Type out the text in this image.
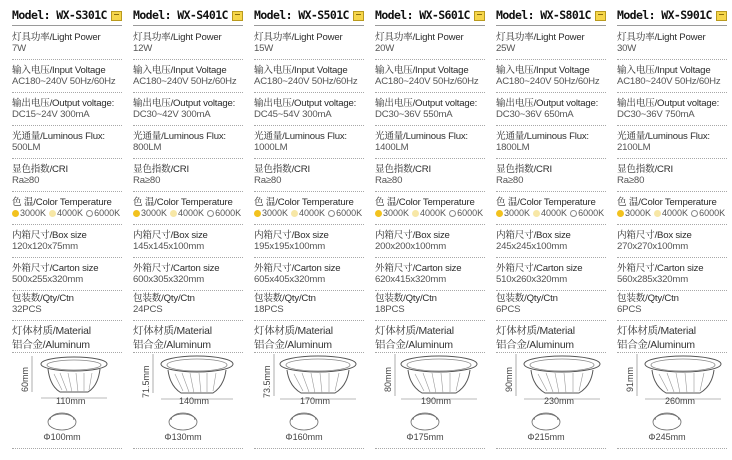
Model: WX-S301C
灯具功率/Light Power
7W
输入电压/Input Voltage
AC180~240V 50Hz/60Hz
输出电压/Output voltage:
DC15~24V 300mA
光通量/Luminous Flux:
500LM
显色指数/CRI
Ra≥80
色 温/Color Temperature
3000K 4000K 6000K
内箱尺寸/Box size
120x120x75mm
外箱尺寸/Carton size
500x255x320mm
包装数/Qty/Ctn
32PCS
灯体材质/Material
铝合金/Aluminum
60mm
110mm
Φ100mm
Model: WX-S401C
灯具功率/Light Power
12W
输入电压/Input Voltage
AC180~240V 50Hz/60Hz
输出电压/Output voltage:
DC30~42V 300mA
光通量/Luminous Flux:
800LM
显色指数/CRI
Ra≥80
色 温/Color Temperature
3000K 4000K 6000K
内箱尺寸/Box size
145x145x100mm
外箱尺寸/Carton size
600x305x320mm
包装数/Qty/Ctn
24PCS
灯体材质/Material
铝合金/Aluminum
71.5mm
140mm
Φ130mm
Model: WX-S501C
灯具功率/Light Power
15W
输入电压/Input Voltage
AC180~240V 50Hz/60Hz
输出电压/Output voltage:
DC45~54V 300mA
光通量/Luminous Flux:
1000LM
显色指数/CRI
Ra≥80
色 温/Color Temperature
3000K 4000K 6000K
内箱尺寸/Box size
195x195x100mm
外箱尺寸/Carton size
605x405x320mm
包装数/Qty/Ctn
18PCS
灯体材质/Material
铝合金/Aluminum
73.5mm
170mm
Φ160mm
Model: WX-S601C
灯具功率/Light Power
20W
输入电压/Input Voltage
AC180~240V 50Hz/60Hz
输出电压/Output voltage:
DC30~36V 550mA
光通量/Luminous Flux:
1400LM
显色指数/CRI
Ra≥80
色 温/Color Temperature
3000K 4000K 6000K
内箱尺寸/Box size
200x200x100mm
外箱尺寸/Carton size
620x415x320mm
包装数/Qty/Ctn
18PCS
灯体材质/Material
铝合金/Aluminum
80mm
190mm
Φ175mm
Model: WX-S801C
灯具功率/Light Power
25W
输入电压/Input Voltage
AC180~240V 50Hz/60Hz
输出电压/Output voltage:
DC30~36V 650mA
光通量/Luminous Flux:
1800LM
显色指数/CRI
Ra≥80
色 温/Color Temperature
3000K 4000K 6000K
内箱尺寸/Box size
245x245x100mm
外箱尺寸/Carton size
510x260x320mm
包装数/Qty/Ctn
6PCS
灯体材质/Material
铝合金/Aluminum
90mm
230mm
Φ215mm
Model: WX-S901C
灯具功率/Light Power
30W
输入电压/Input Voltage
AC180~240V 50Hz/60Hz
输出电压/Output voltage:
DC30~36V 750mA
光通量/Luminous Flux:
2100LM
显色指数/CRI
Ra≥80
色 温/Color Temperature
3000K 4000K 6000K
内箱尺寸/Box size
270x270x100mm
外箱尺寸/Carton size
560x285x320mm
包装数/Qty/Ctn
6PCS
灯体材质/Material
铝合金/Aluminum
91mm
260mm
Φ245mm
